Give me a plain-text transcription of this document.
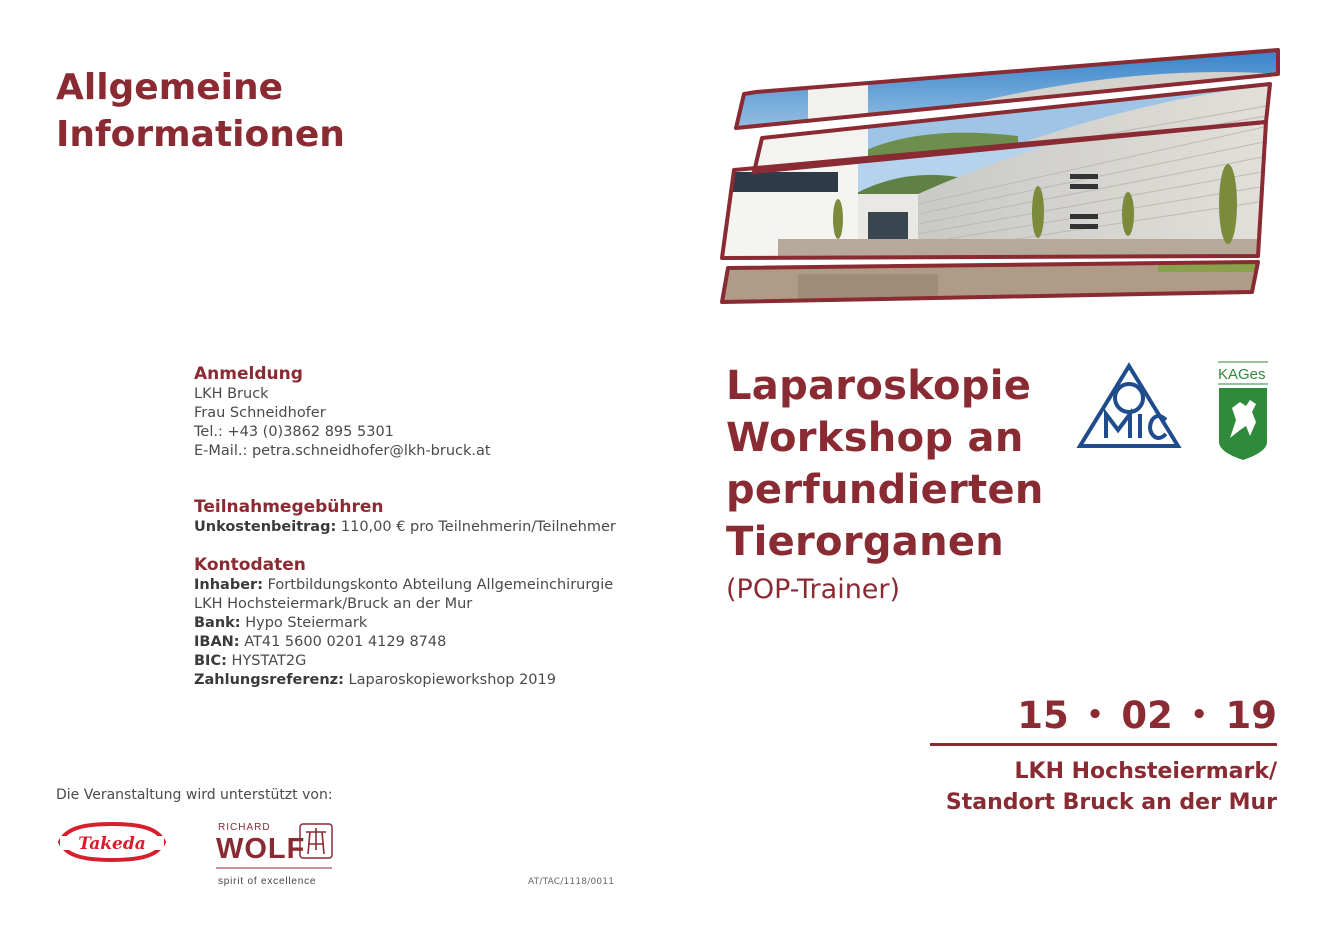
Allgemeine
Informationen
Anmeldung
LKH Bruck
Frau Schneidhofer
Tel.: +43 (0)3862 895 5301
E-Mail.: petra.schneidhofer@lkh-bruck.at
Teilnahmegebühren
Unkostenbeitrag: 110,00 € pro Teilnehmerin/Teilnehmer
Kontodaten
Inhaber: Fortbildungskonto Abteilung Allgemeinchirurgie
LKH Hochsteiermark/Bruck an der Mur
Bank: Hypo Steiermark
IBAN: AT41 5600 0201 4129 8748
BIC: HYSTAT2G
Zahlungsreferenz: Laparoskopieworkshop 2019
Die Veranstaltung wird unterstützt von:
Takeda
RICHARD
WOLF
spirit of excellence	AT/TAC/1118/0011
Laparoskopie
Workshop an
perfundierten
Tierorganen
(POP-Trainer)
AMIC	KAGes
15 • 02 • 19
LKH Hochsteiermark/
Standort Bruck an der Mur
